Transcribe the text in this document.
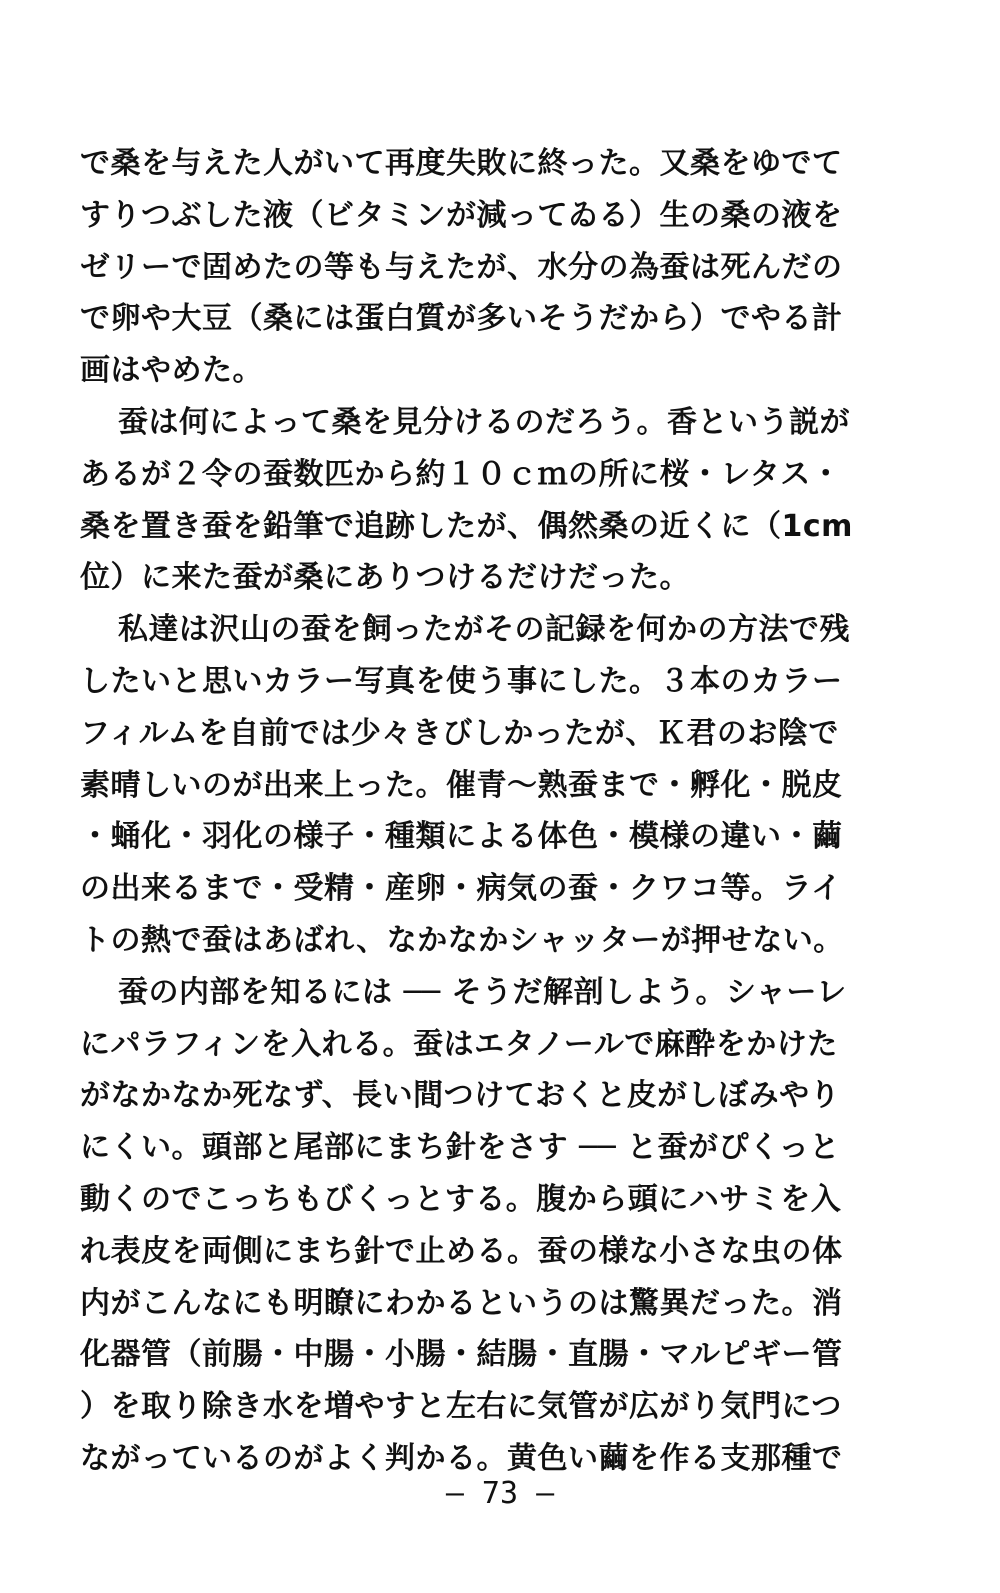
で桑を与えた人がいて再度失敗に終った。又桑をゆでて
すりつぶした液（ビタミンが減ってゐる）生の桑の液を
ゼリーで固めたの等も与えたが、水分の為蚕は死んだの
で卵や大豆（桑には蛋白質が多いそうだから）でやる計
画はやめた。
蚕は何によって桑を見分けるのだろう。香という説が
あるが２令の蚕数匹から約１０ｃｍの所に桜・レタス・
桑を置き蚕を鉛筆で追跡したが、偶然桑の近くに（1cm
位）に来た蚕が桑にありつけるだけだった。
私達は沢山の蚕を飼ったがその記録を何かの方法で残
したいと思いカラー写真を使う事にした。３本のカラー
フィルムを自前では少々きびしかったが、Ｋ君のお陰で
素晴しいのが出来上った。催青〜熟蚕まで・孵化・脱皮
・蛹化・羽化の様子・種類による体色・模様の違い・繭
の出来るまで・受精・産卵・病気の蚕・クワコ等。ライ
トの熱で蚕はあばれ、なかなかシャッターが押せない。
蚕の内部を知るには ── そうだ解剖しよう。シャーレ
にパラフィンを入れる。蚕はエタノールで麻酔をかけた
がなかなか死なず、長い間つけておくと皮がしぼみやり
にくい。頭部と尾部にまち針をさす ── と蚕がぴくっと
動くのでこっちもびくっとする。腹から頭にハサミを入
れ表皮を両側にまち針で止める。蚕の様な小さな虫の体
内がこんなにも明瞭にわかるというのは驚異だった。消
化器管（前腸・中腸・小腸・結腸・直腸・マルピギー管
）を取り除き水を増やすと左右に気管が広がり気門につ
ながっているのがよく判かる。黄色い繭を作る支那種で
— 73 —
